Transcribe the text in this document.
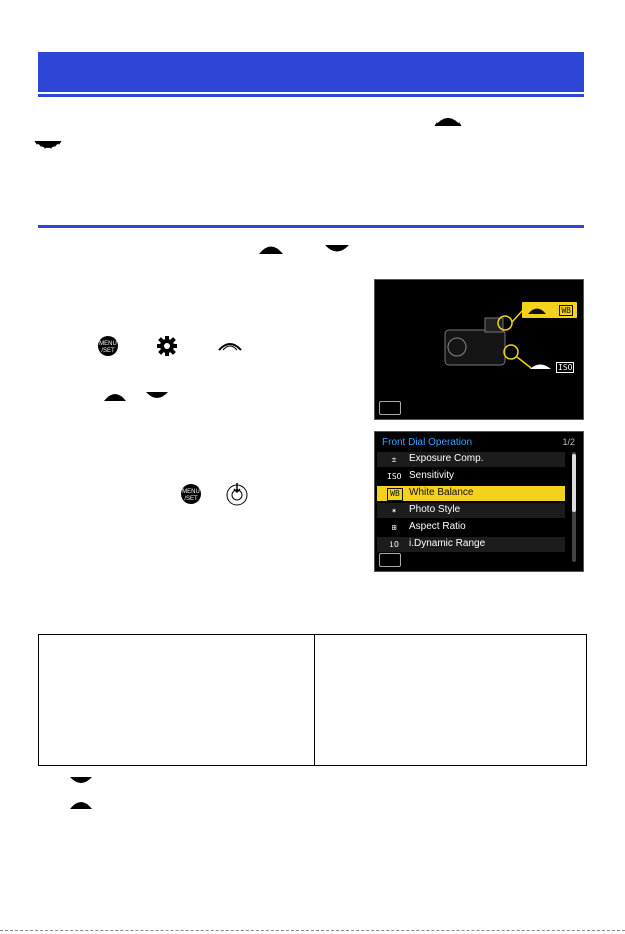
MENU
/SET
MENU
/SET
WB
ISO
Front Dial Operation	1/2
±	Exposure Comp.
ISO Sensitivity
WB White Balance
✶	Photo Style
⊞	Aspect Ratio
iO i.Dynamic Range
